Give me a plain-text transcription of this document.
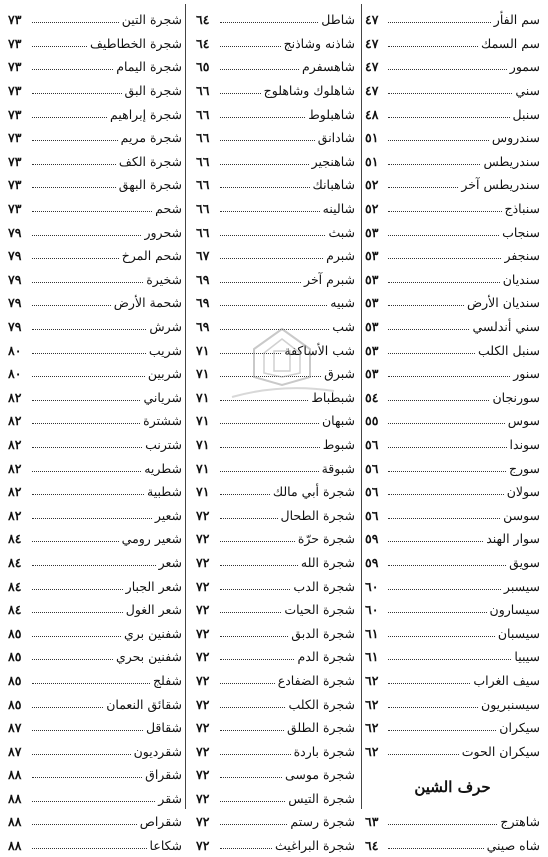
سم الفأر
٤٧
سم السمك
٤٧
سمور
٤٧
سني
٤٧
سنبل
٤٨
سندروس
٥١
سندريطس
٥١
سندريطس آخر
٥٢
سنباذج
٥٢
سنجاب
٥٣
سنجفر
٥٣
سنديان
٥٣
سنديان الأرض
٥٣
سني أندلسي
٥٣
سنبل الكلب
٥٣
سنور
٥٣
سورنجان
٥٤
سوس
٥٥
سوندا
٥٦
سورج
٥٦
سولان
٥٦
سوسن
٥٦
سوار الهند
٥٩
سويق
٥٩
سيسبر
٦٠
سيسارون
٦٠
سيسبان
٦١
سيبيا
٦١
سيف الغراب
٦٢
سيسنبريون
٦٢
سيكران
٦٢
سيكران الحوت
٦٢
حرف الشين
شاهترج
٦٣
شاه صيني
٦٤
شاطل
٦٤
شاذنه وشاذنج
٦٤
شاهسفرم
٦٥
شاهلوك وشاهلوج
٦٦
شاهبلوط
٦٦
شادانق
٦٦
شاهنجير
٦٦
شاهبانك
٦٦
شالينه
٦٦
شبث
٦٦
شبرم
٦٧
شبرم آخر
٦٩
شبيه
٦٩
شب
٦٩
شب الأساكفة
٧١
شبرق
٧١
شبطباط
٧١
شبهان
٧١
شبوط
٧١
شبوقة
٧١
شجرة أبي مالك
٧١
شجرة الطحال
٧٢
شجرة حرّة
٧٢
شجرة الله
٧٢
شجرة الدب
٧٢
شجرة الحيات
٧٢
شجرة الدبق
٧٢
شجرة الدم
٧٢
شجرة الضفادع
٧٢
شجرة الكلب
٧٢
شجرة الطلق
٧٢
شجرة باردة
٧٢
شجرة موسى
٧٢
شجرة التيس
٧٢
شجرة رستم
٧٢
شجرة البراغيث
٧٢
شجرة التين
٧٣
شجرة الخطاطيف
٧٣
شجرة اليمام
٧٣
شجرة البق
٧٣
شجرة إبراهيم
٧٣
شجرة مريم
٧٣
شجرة الكف
٧٣
شجرة البهق
٧٣
شحم
٧٣
شحرور
٧٩
شحم المرخ
٧٩
شخيرة
٧٩
شحمة الأرض
٧٩
شرش
٧٩
شريب
٨٠
شربين
٨٠
شرياني
٨٢
ششترة
٨٢
شترنب
٨٢
شطريه
٨٢
شطبية
٨٢
شعير
٨٢
شعير رومي
٨٤
شعر
٨٤
شعر الجبار
٨٤
شعر الغول
٨٤
شفنين بري
٨٥
شفنين بحري
٨٥
شفلج
٨٥
شقائق النعمان
٨٥
شقاقل
٨٧
شقرديون
٨٧
شقراق
٨٨
شقر
٨٨
شقراص
٨٨
شكاعا
٨٨
